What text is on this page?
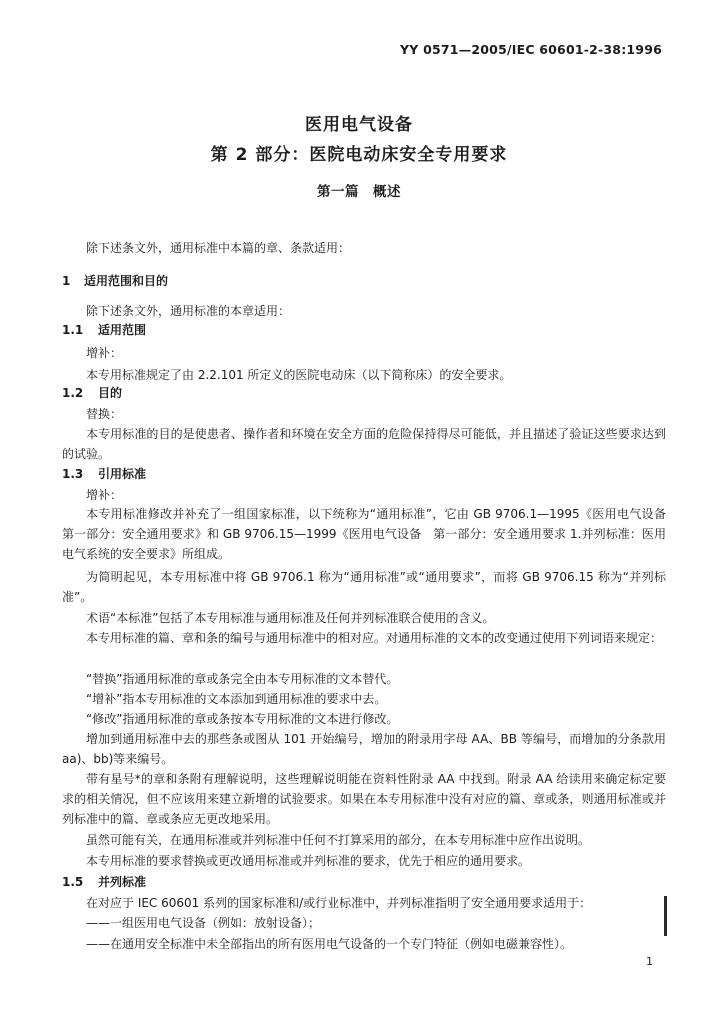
YY 0571—2005/IEC 60601-2-38:1996
医用电气设备
第 2 部分：医院电动床安全专用要求
第一篇　概述
除下述条文外，通用标准中本篇的章、条款适用：
1 适用范围和目的
除下述条文外，通用标准的本章适用：
1.1 适用范围
增补：
本专用标准规定了由 2.2.101 所定义的医院电动床（以下简称床）的安全要求。
1.2 目的
替换：
本专用标准的目的是使患者、操作者和环境在安全方面的危险保持得尽可能低，并且描述了验证这些要求达到的试验。
1.3 引用标准
增补：
本专用标准修改并补充了一组国家标准，以下统称为“通用标准”，它由 GB 9706.1—1995《医用电气设备　第一部分：安全通用要求》和 GB 9706.15—1999《医用电气设备　第一部分：安全通用要求 1.并列标准：医用电气系统的安全要求》所组成。
为简明起见，本专用标准中将 GB 9706.1 称为“通用标准”或“通用要求”，而将 GB 9706.15 称为“并列标准”。
术语“本标准”包括了本专用标准与通用标准及任何并列标准联合使用的含义。
本专用标准的篇、章和条的编号与通用标准中的相对应。对通用标准的文本的改变通过使用下列词语来规定：
“替换”指通用标准的章或条完全由本专用标准的文本替代。
“增补”指本专用标准的文本添加到通用标准的要求中去。
“修改”指通用标准的章或条按本专用标准的文本进行修改。
增加到通用标准中去的那些条或图从 101 开始编号，增加的附录用字母 AA、BB 等编号，而增加的分条款用 aa)、bb)等来编号。
带有星号*的章和条附有理解说明，这些理解说明能在资料性附录 AA 中找到。附录 AA 给读用来确定标定要求的相关情况，但不应该用来建立新增的试验要求。如果在本专用标准中没有对应的篇、章或条，则通用标准或并列标准中的篇、章或条应无更改地采用。
虽然可能有关，在通用标准或并列标准中任何不打算采用的部分，在本专用标准中应作出说明。
本专用标准的要求替换或更改通用标准或并列标准的要求，优先于相应的通用要求。
1.5 并列标准
在对应于 IEC 60601 系列的国家标准和/或行业标准中，并列标准指明了安全通用要求适用于：
——一组医用电气设备（例如：放射设备）；
——在通用安全标准中未全部指出的所有医用电气设备的一个专门特征（例如电磁兼容性）。
1
